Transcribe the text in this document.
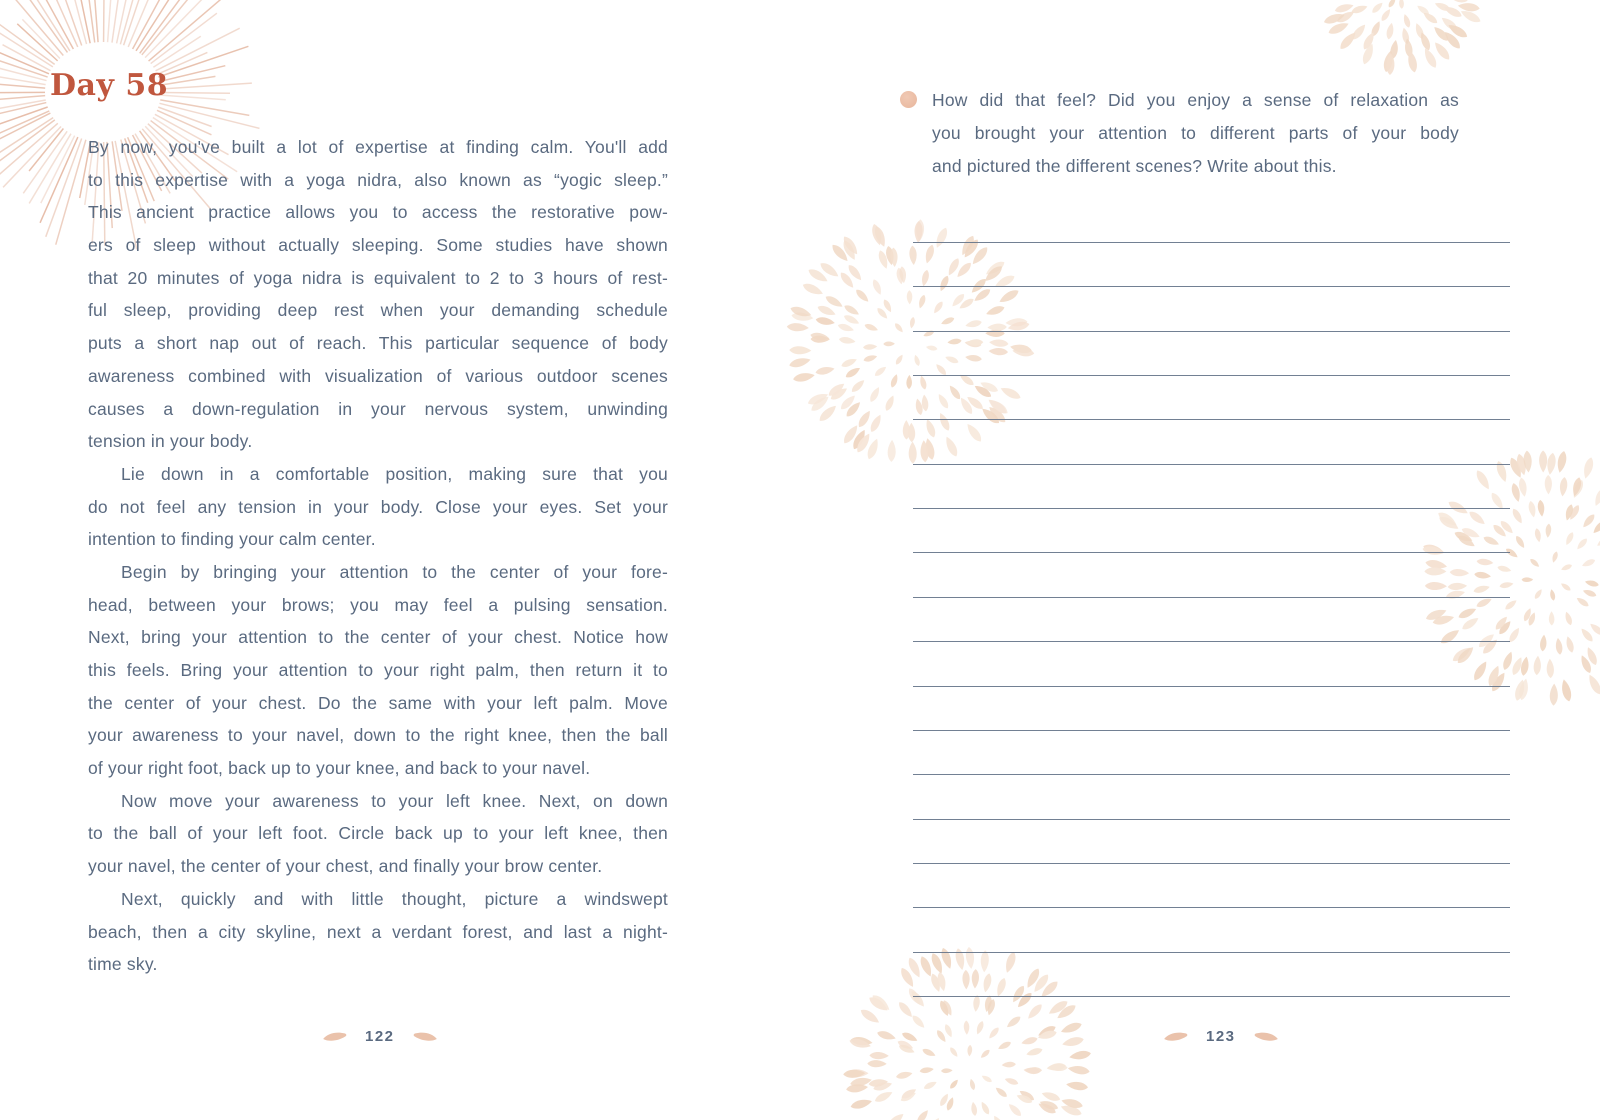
Day 58
By now, you've built a lot of expertise at finding calm. You'll add
to this expertise with a yoga nidra, also known as “yogic sleep.”
This ancient practice allows you to access the restorative pow-
ers of sleep without actually sleeping. Some studies have shown
that 20 minutes of yoga nidra is equivalent to 2 to 3 hours of rest-
ful sleep, providing deep rest when your demanding schedule
puts a short nap out of reach. This particular sequence of body
awareness combined with visualization of various outdoor scenes
causes a down-regulation in your nervous system, unwinding
tension in your body.
Lie down in a comfortable position, making sure that you
do not feel any tension in your body. Close your eyes. Set your
intention to finding your calm center.
Begin by bringing your attention to the center of your fore-
head, between your brows; you may feel a pulsing sensation.
Next, bring your attention to the center of your chest. Notice how
this feels. Bring your attention to your right palm, then return it to
the center of your chest. Do the same with your left palm. Move
your awareness to your navel, down to the right knee, then the ball
of your right foot, back up to your knee, and back to your navel.
Now move your awareness to your left knee. Next, on down
to the ball of your left foot. Circle back up to your left knee, then
your navel, the center of your chest, and finally your brow center.
Next, quickly and with little thought, picture a windswept
beach, then a city skyline, next a verdant forest, and last a night-
time sky.
122
How did that feel? Did you enjoy a sense of relaxation as
you brought your attention to different parts of your body
and pictured the different scenes? Write about this.
123
